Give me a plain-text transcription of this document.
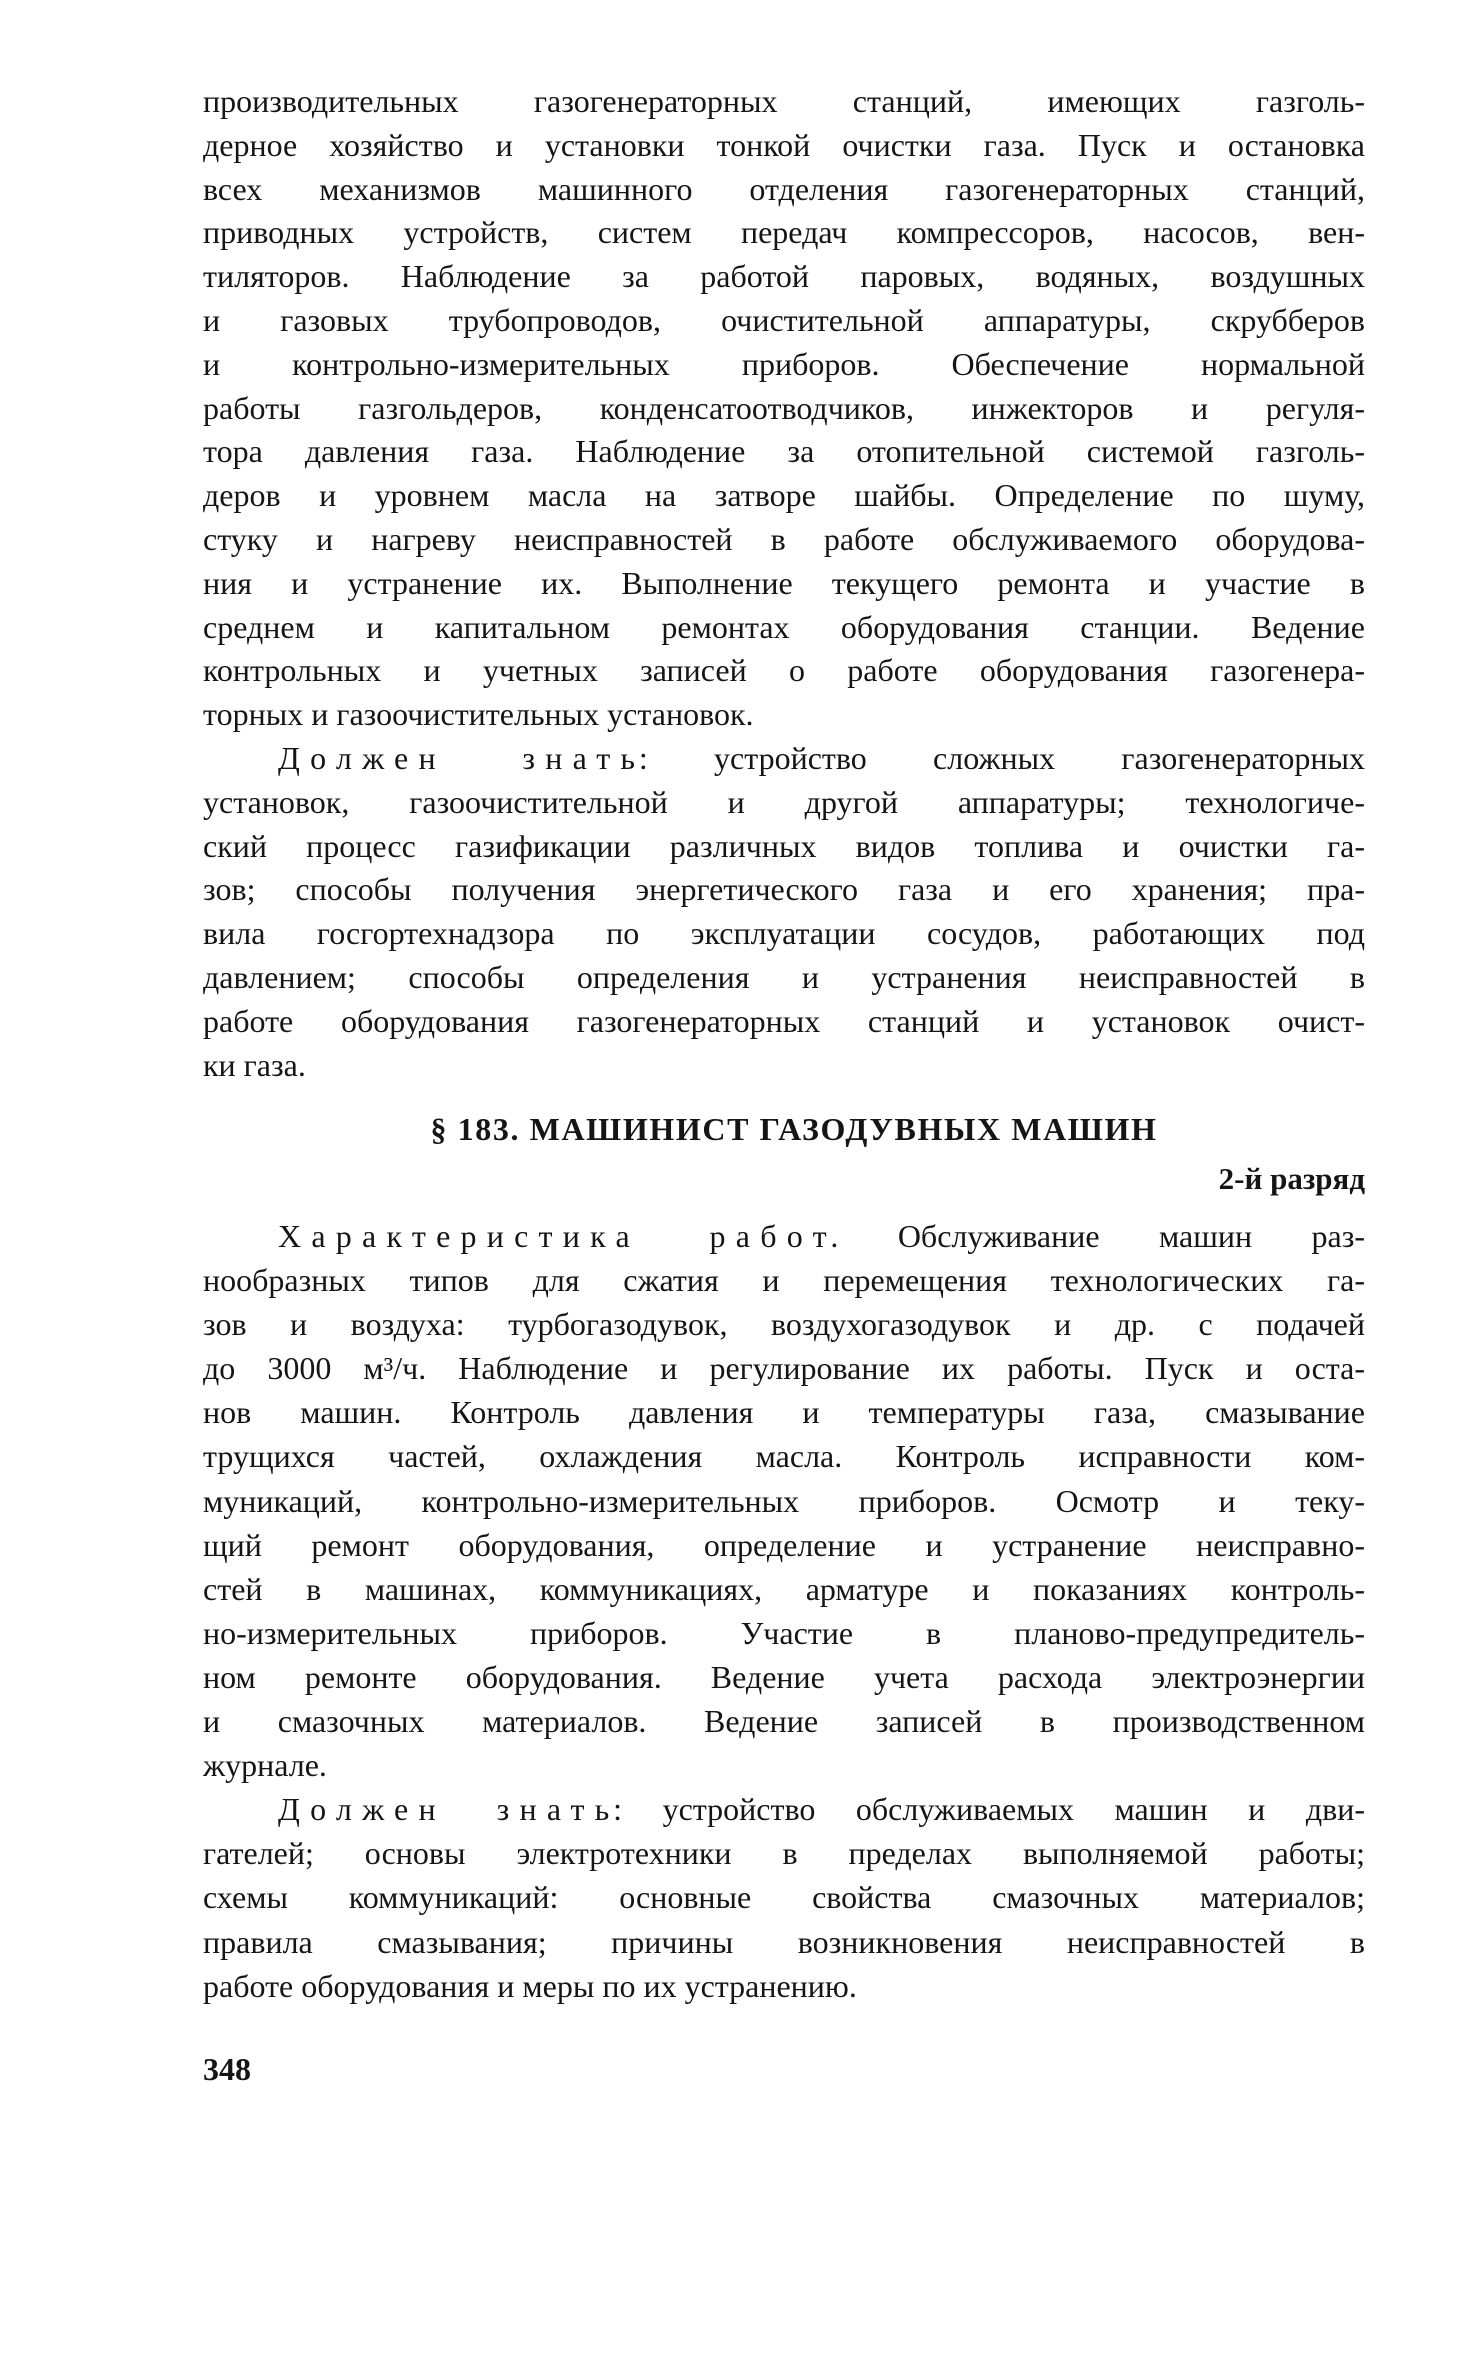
производительных газогенераторных станций, имеющих газголь-
дерное хозяйство и установки тонкой очистки газа. Пуск и остановка
всех механизмов машинного отделения газогенераторных станций,
приводных устройств, систем передач компрессоров, насосов, вен-
тиляторов. Наблюдение за работой паровых, водяных, воздушных
и газовых трубопроводов, очистительной аппаратуры, скрубберов
и контрольно-измерительных приборов. Обеспечение нормальной
работы газгольдеров, конденсатоотводчиков, инжекторов и регуля-
тора давления газа. Наблюдение за отопительной системой газголь-
деров и уровнем масла на затворе шайбы. Определение по шуму,
стуку и нагреву неисправностей в работе обслуживаемого оборудова-
ния и устранение их. Выполнение текущего ремонта и участие в
среднем и капитальном ремонтах оборудования станции. Ведение
контрольных и учетных записей о работе оборудования газогенера-
торных и газоочистительных установок.
Должен знать: устройство сложных газогенераторных
установок, газоочистительной и другой аппаратуры; технологиче-
ский процесс газификации различных видов топлива и очистки га-
зов; способы получения энергетического газа и его хранения; пра-
вила госгортехнадзора по эксплуатации сосудов, работающих под
давлением; способы определения и устранения неисправностей в
работе оборудования газогенераторных станций и установок очист-
ки газа.
§ 183. МАШИНИСТ ГАЗОДУВНЫХ МАШИН
2-й разряд
Характеристика работ. Обслуживание машин раз-
нообразных типов для сжатия и перемещения технологических га-
зов и воздуха: турбогазодувок, воздухогазодувок и др. с подачей
до 3000 м³/ч. Наблюдение и регулирование их работы. Пуск и оста-
нов машин. Контроль давления и температуры газа, смазывание
трущихся частей, охлаждения масла. Контроль исправности ком-
муникаций, контрольно-измерительных приборов. Осмотр и теку-
щий ремонт оборудования, определение и устранение неисправно-
стей в машинах, коммуникациях, арматуре и показаниях контроль-
но-измерительных приборов. Участие в планово-предупредитель-
ном ремонте оборудования. Ведение учета расхода электроэнергии
и смазочных материалов. Ведение записей в производственном
журнале.
Должен знать: устройство обслуживаемых машин и дви-
гателей; основы электротехники в пределах выполняемой работы;
схемы коммуникаций: основные свойства смазочных материалов;
правила смазывания; причины возникновения неисправностей в
работе оборудования и меры по их устранению.
348
